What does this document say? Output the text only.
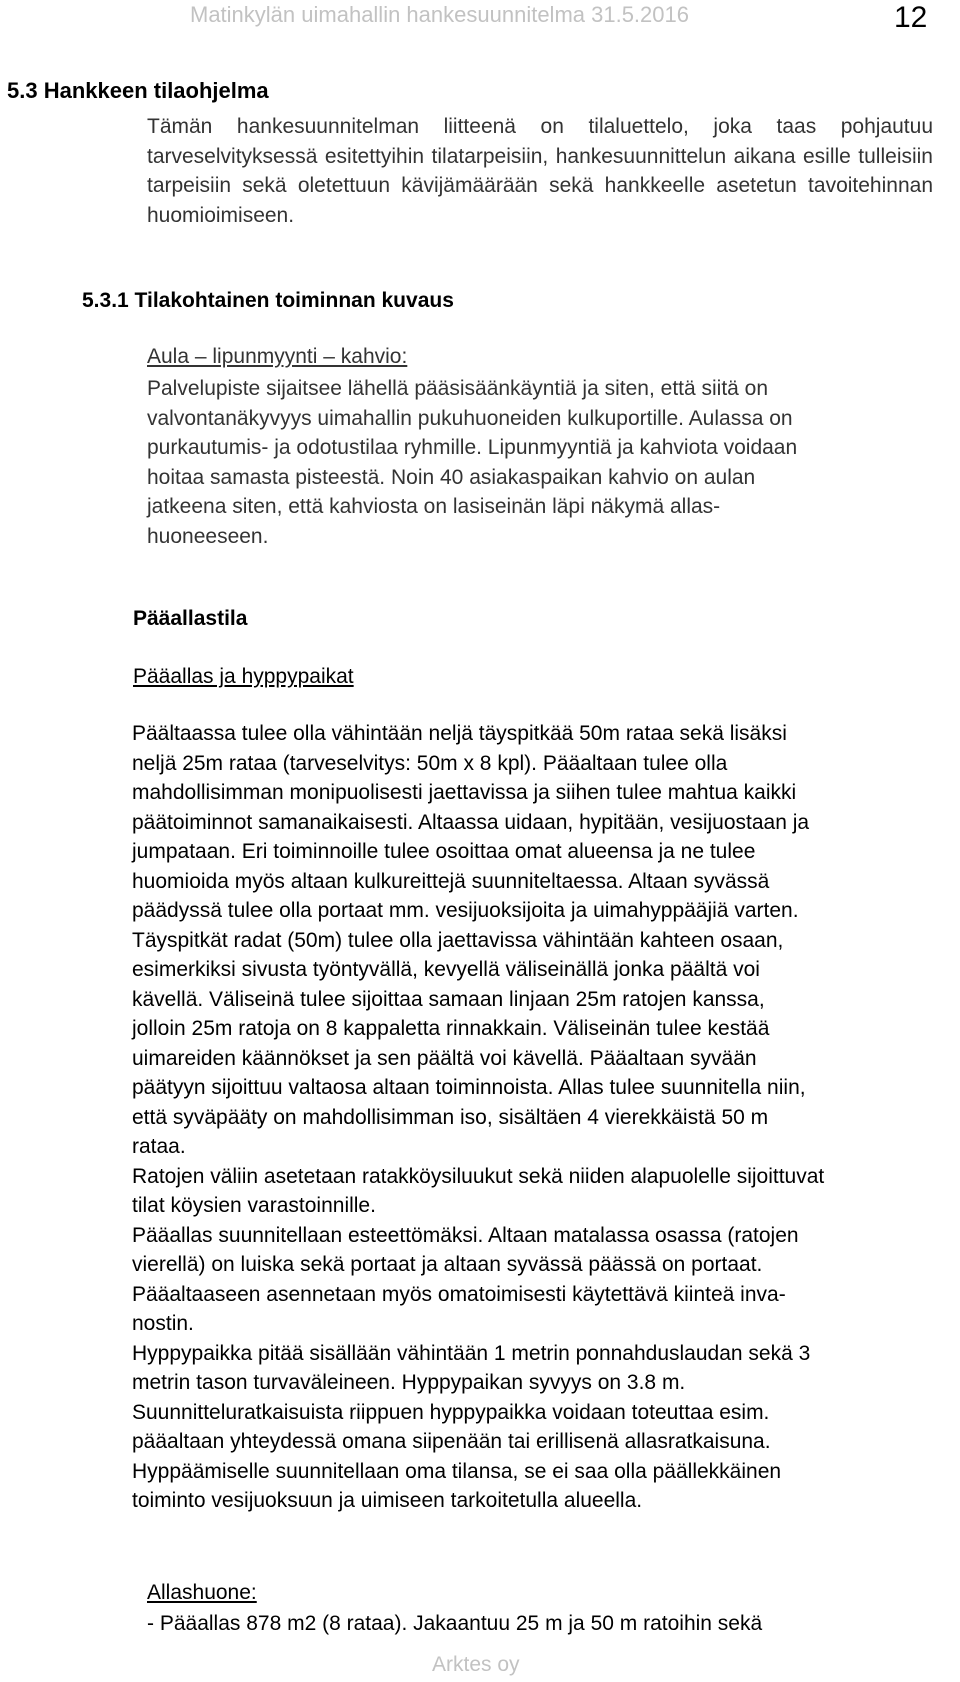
Matinkylän uimahallin hankesuunnitelma 31.5.2016	12
5.3 Hankkeen tilaohjelma
Tämän hankesuunnitelman liitteenä on tilaluettelo, joka taas pohjautuu tarveselvityksessä esitettyihin tilatarpeisiin, hankesuunnittelun aikana esille tulleisiin tarpeisiin sekä oletettuun kävijämäärään sekä hankkeelle asetetun tavoitehinnan huomioimiseen.
5.3.1 Tilakohtainen toiminnan kuvaus
Aula – lipunmyynti – kahvio:
Palvelupiste sijaitsee lähellä pääsisäänkäyntiä ja siten, että siitä on
valvontanäkyvyys uimahallin pukuhuoneiden kulkuportille. Aulassa on
purkautumis- ja odotustilaa ryhmille. Lipunmyyntiä ja kahviota voidaan
hoitaa samasta pisteestä. Noin 40 asiakaspaikan kahvio on aulan
jatkeena siten, että kahviosta on lasiseinän läpi näkymä allas-
huoneeseen.
Pääallastila
Pääallas ja hyppypaikat
Päältaassa tulee olla vähintään neljä täyspitkää 50m rataa sekä lisäksi
neljä 25m rataa (tarveselvitys: 50m x 8 kpl). Pääaltaan tulee olla
mahdollisimman monipuolisesti jaettavissa ja siihen tulee mahtua kaikki
päätoiminnot samanaikaisesti. Altaassa uidaan, hypitään, vesijuostaan ja
jumpataan. Eri toiminnoille tulee osoittaa omat alueensa ja ne tulee
huomioida myös altaan kulkureittejä suunniteltaessa. Altaan syvässä
päädyssä tulee olla portaat mm. vesijuoksijoita ja uimahyppääjiä varten.
Täyspitkät radat (50m) tulee olla jaettavissa vähintään kahteen osaan,
esimerkiksi sivusta työntyvällä, kevyellä väliseinällä jonka päältä voi
kävellä. Väliseinä tulee sijoittaa samaan linjaan 25m ratojen kanssa,
jolloin 25m ratoja on 8 kappaletta rinnakkain. Väliseinän tulee kestää
uimareiden käännökset ja sen päältä voi kävellä. Pääaltaan syvään
päätyyn sijoittuu valtaosa altaan toiminnoista. Allas tulee suunnitella niin,
että syväpääty on mahdollisimman iso, sisältäen 4 vierekkäistä 50 m
rataa.
Ratojen väliin asetetaan ratakköysiluukut sekä niiden alapuolelle sijoittuvat
tilat köysien varastoinnille.
Pääallas suunnitellaan esteettömäksi. Altaan matalassa osassa (ratojen
vierellä) on luiska sekä portaat ja altaan syvässä päässä on portaat.
Pääaltaaseen asennetaan myös omatoimisesti käytettävä kiinteä inva-
nostin.
Hyppypaikka pitää sisällään vähintään 1 metrin ponnahduslaudan sekä 3
metrin tason turvaväleineen. Hyppypaikan syvyys on 3.8 m.
Suunnitteluratkaisuista riippuen hyppypaikka voidaan toteuttaa esim.
pääaltaan yhteydessä omana siipenään tai erillisenä allasratkaisuna.
Hyppäämiselle suunnitellaan oma tilansa, se ei saa olla päällekkäinen
toiminto vesijuoksuun ja uimiseen tarkoitetulla alueella.
Allashuone:
- Pääallas 878 m2 (8 rataa). Jakaantuu 25 m ja 50 m ratoihin sekä
Arktes oy
